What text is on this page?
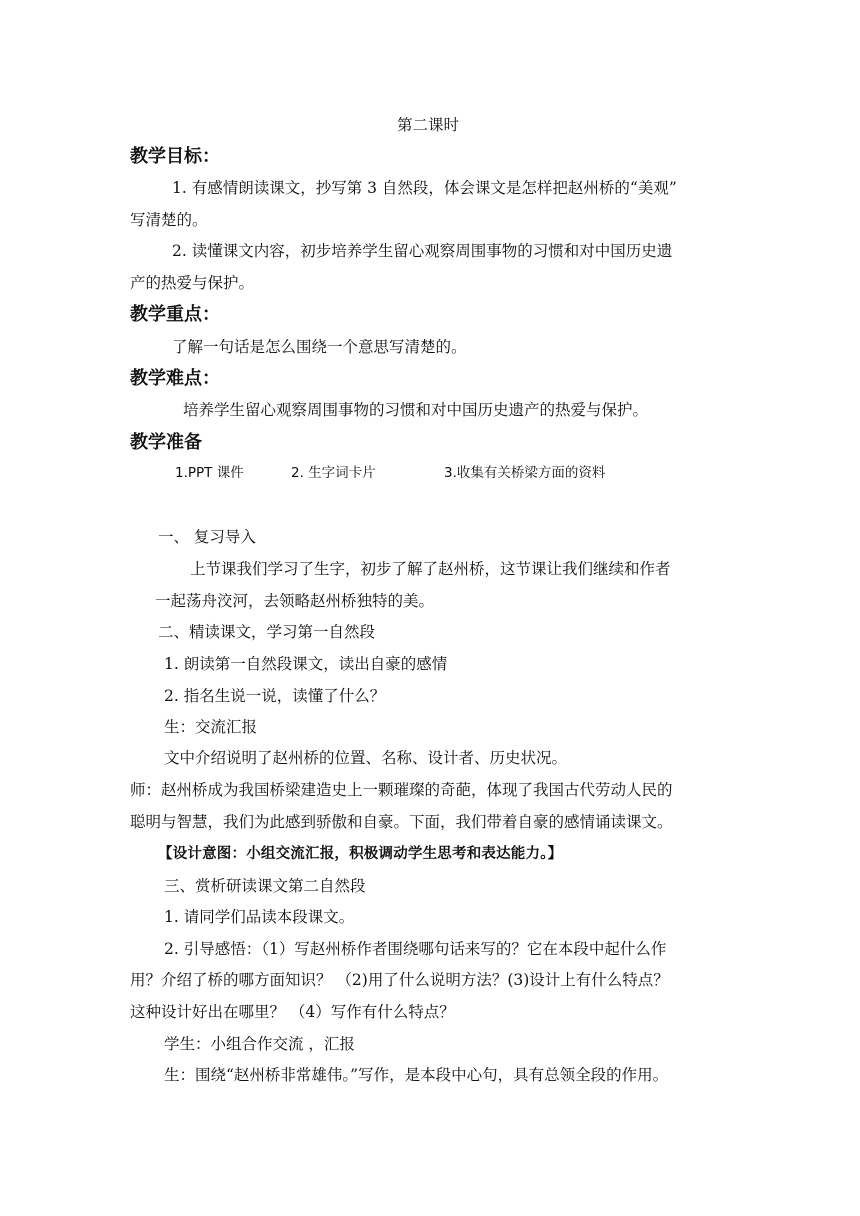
第二课时
教学目标：
1. 有感情朗读课文，抄写第 3 自然段，体会课文是怎样把赵州桥的“美观”
写清楚的。
2. 读懂课文内容，初步培养学生留心观察周围事物的习惯和对中国历史遗
产的热爱与保护。
教学重点：
了解一句话是怎么围绕一个意思写清楚的。
教学难点：
培养学生留心观察周围事物的习惯和对中国历史遗产的热爱与保护。
教学准备
1.PPT 课件	2. 生字词卡片	3.收集有关桥梁方面的资料
一、 复习导入
上节课我们学习了生字，初步了解了赵州桥，这节课让我们继续和作者
一起荡舟洨河，去领略赵州桥独特的美。
二、精读课文，学习第一自然段
1. 朗读第一自然段课文，读出自豪的感情
2. 指名生说一说，读懂了什么？
生：交流汇报
文中介绍说明了赵州桥的位置、名称、设计者、历史状况。
师：赵州桥成为我国桥梁建造史上一颗璀璨的奇葩，体现了我国古代劳动人民的
聪明与智慧，我们为此感到骄傲和自豪。下面，我们带着自豪的感情诵读课文。
【设计意图：小组交流汇报，积极调动学生思考和表达能力。】
三、赏析研读课文第二自然段
1. 请同学们品读本段课文。
2. 引导感悟：（1）写赵州桥作者围绕哪句话来写的？它在本段中起什么作
用？介绍了桥的哪方面知识？ （2)用了什么说明方法？(3)设计上有什么特点？
这种设计好出在哪里？ （4）写作有什么特点？
学生：小组合作交流 ，汇报
生：围绕“赵州桥非常雄伟。”写作，是本段中心句，具有总领全段的作用。
